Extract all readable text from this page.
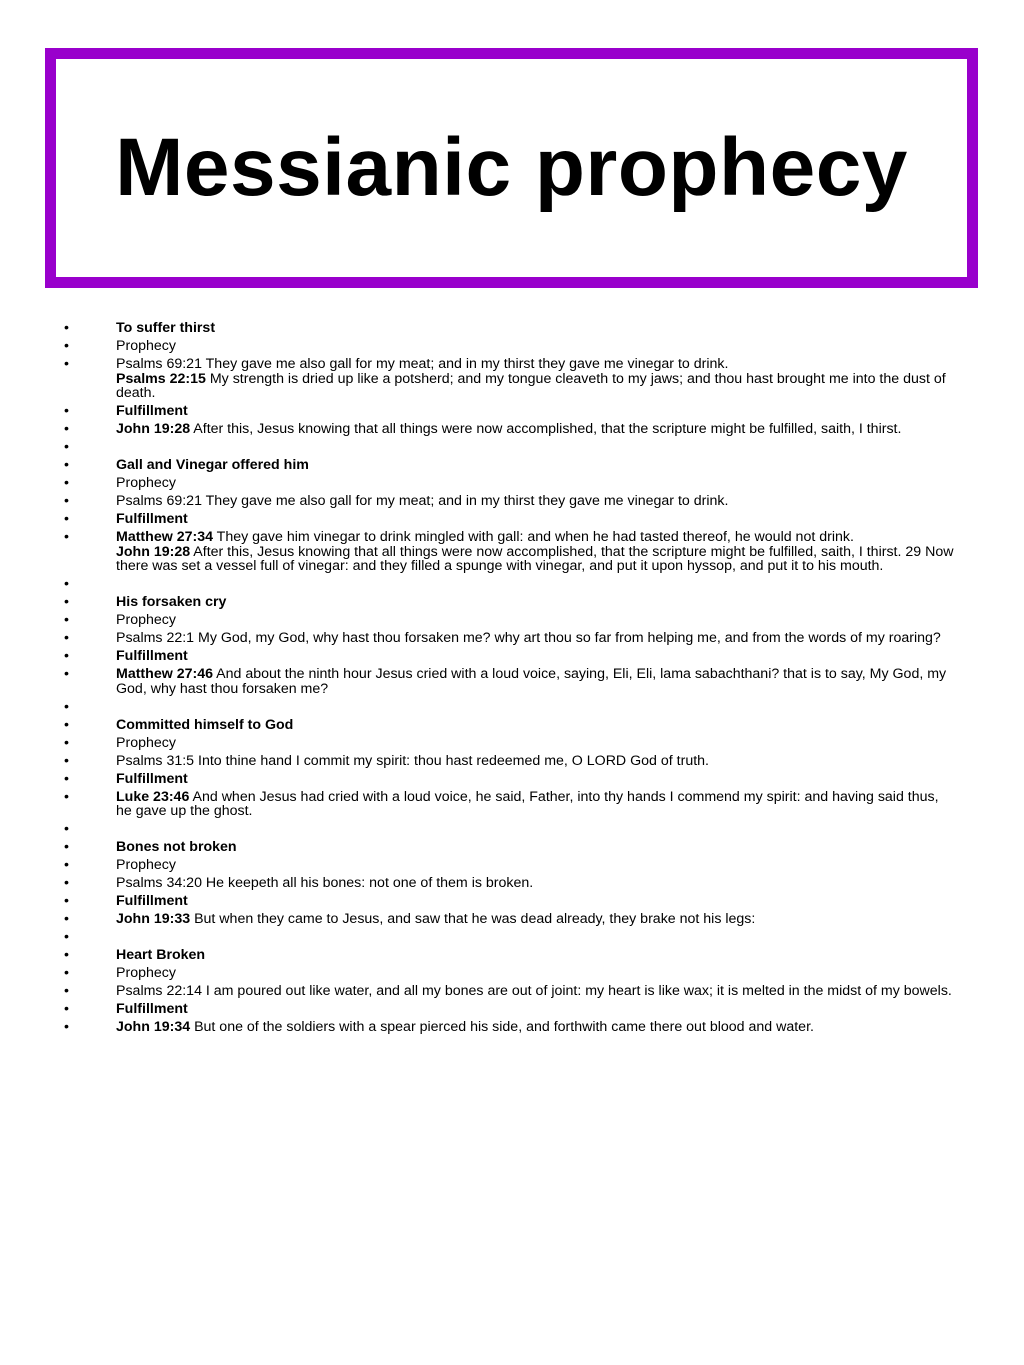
Messianic prophecy
•	To suffer thirst
•	Prophecy
•	Psalms 69:21 They gave me also gall for my meat; and in my thirst they gave me vinegar to drink.
Psalms 22:15 My strength is dried up like a potsherd; and my tongue cleaveth to my jaws; and thou hast brought me into the dust of death.
•	Fulfillment
•	John 19:28 After this, Jesus knowing that all things were now accomplished, that the scripture might be fulfilled, saith, I thirst.
•

•	Gall and Vinegar offered him
•	Prophecy
•	Psalms 69:21 They gave me also gall for my meat; and in my thirst they gave me vinegar to drink.
•	Fulfillment
•	Matthew 27:34 They gave him vinegar to drink mingled with gall: and when he had tasted thereof, he would not drink.
John 19:28 After this, Jesus knowing that all things were now accomplished, that the scripture might be fulfilled, saith, I thirst. 29 Now there was set a vessel full of vinegar: and they filled a spunge with vinegar, and put it upon hyssop, and put it to his mouth.
•

•	His forsaken cry
•	Prophecy
•	Psalms 22:1 My God, my God, why hast thou forsaken me? why art thou so far from helping me, and from the words of my roaring?
•	Fulfillment
•	Matthew 27:46 And about the ninth hour Jesus cried with a loud voice, saying, Eli, Eli, lama sabachthani? that is to say, My God, my God, why hast thou forsaken me?
•

•	Committed himself to God
•	Prophecy
•	Psalms 31:5 Into thine hand I commit my spirit: thou hast redeemed me, O LORD God of truth.
•	Fulfillment
•	Luke 23:46 And when Jesus had cried with a loud voice, he said, Father, into thy hands I commend my spirit: and having said thus, he gave up the ghost.
•

•	Bones not broken
•	Prophecy
•	Psalms 34:20 He keepeth all his bones: not one of them is broken.
•	Fulfillment
•	John 19:33 But when they came to Jesus, and saw that he was dead already, they brake not his legs:
•

•	Heart Broken
•	Prophecy
•	Psalms 22:14 I am poured out like water, and all my bones are out of joint: my heart is like wax; it is melted in the midst of my bowels.
•	Fulfillment
•	John 19:34 But one of the soldiers with a spear pierced his side, and forthwith came there out blood and water.
